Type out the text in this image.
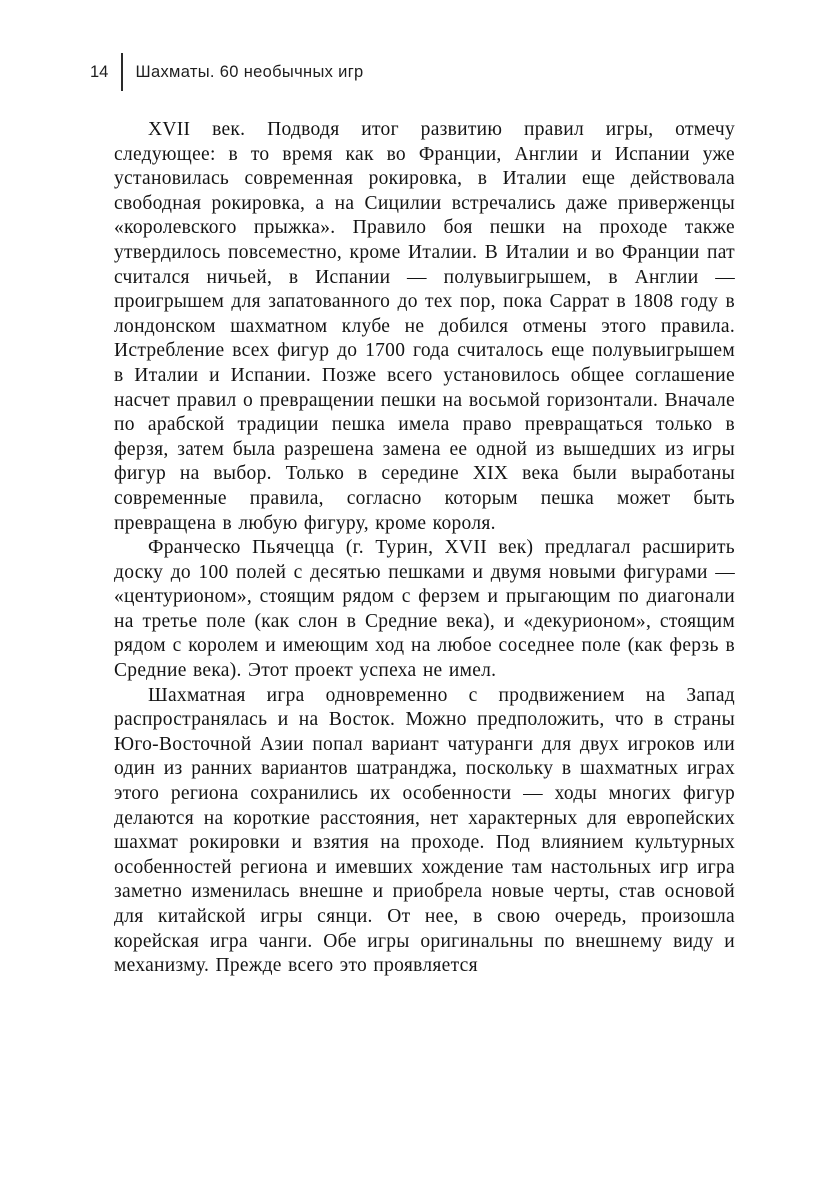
14 Шахматы. 60 необычных игр

XVII век. Подводя итог развитию правил игры, отмечу следующее: в то время как во Франции, Англии и Испании уже установилась современная рокировка, в Италии еще действовала свободная рокировка, а на Сицилии встречались даже приверженцы «королевского прыжка». Правило боя пешки на проходе также утвердилось повсеместно, кроме Италии. В Италии и во Франции пат считался ничьей, в Испании — полувыигрышем, в Англии — проигрышем для запатованного до тех пор, пока Саррат в 1808 году в лондонском шахматном клубе не добился отмены этого правила. Истребление всех фигур до 1700 года считалось еще полувыигрышем в Италии и Испании. Позже всего установилось общее соглашение насчет правил о превращении пешки на восьмой горизонтали. Вначале по арабской традиции пешка имела право превращаться только в ферзя, затем была разрешена замена ее одной из вышедших из игры фигур на выбор. Только в середине XIX века были выработаны современные правила, согласно которым пешка может быть превращена в любую фигуру, кроме короля.

Франческо Пьячецца (г. Турин, XVII век) предлагал расширить доску до 100 полей с десятью пешками и двумя новыми фигурами — «центурионом», стоящим рядом с ферзем и прыгающим по диагонали на третье поле (как слон в Средние века), и «декурионом», стоящим рядом с королем и имеющим ход на любое соседнее поле (как ферзь в Средние века). Этот проект успеха не имел.

Шахматная игра одновременно с продвижением на Запад распространялась и на Восток. Можно предположить, что в страны Юго-Восточной Азии попал вариант чатуранги для двух игроков или один из ранних вариантов шатранджа, поскольку в шахматных играх этого региона сохранились их особенности — ходы многих фигур делаются на короткие расстояния, нет характерных для европейских шахмат рокировки и взятия на проходе. Под влиянием культурных особенностей региона и имевших хождение там настольных игр игра заметно изменилась внешне и приобрела новые черты, став основой для китайской игры сянци. От нее, в свою очередь, произошла корейская игра чанги. Обе игры оригинальны по внешнему виду и механизму. Прежде всего это проявляется
